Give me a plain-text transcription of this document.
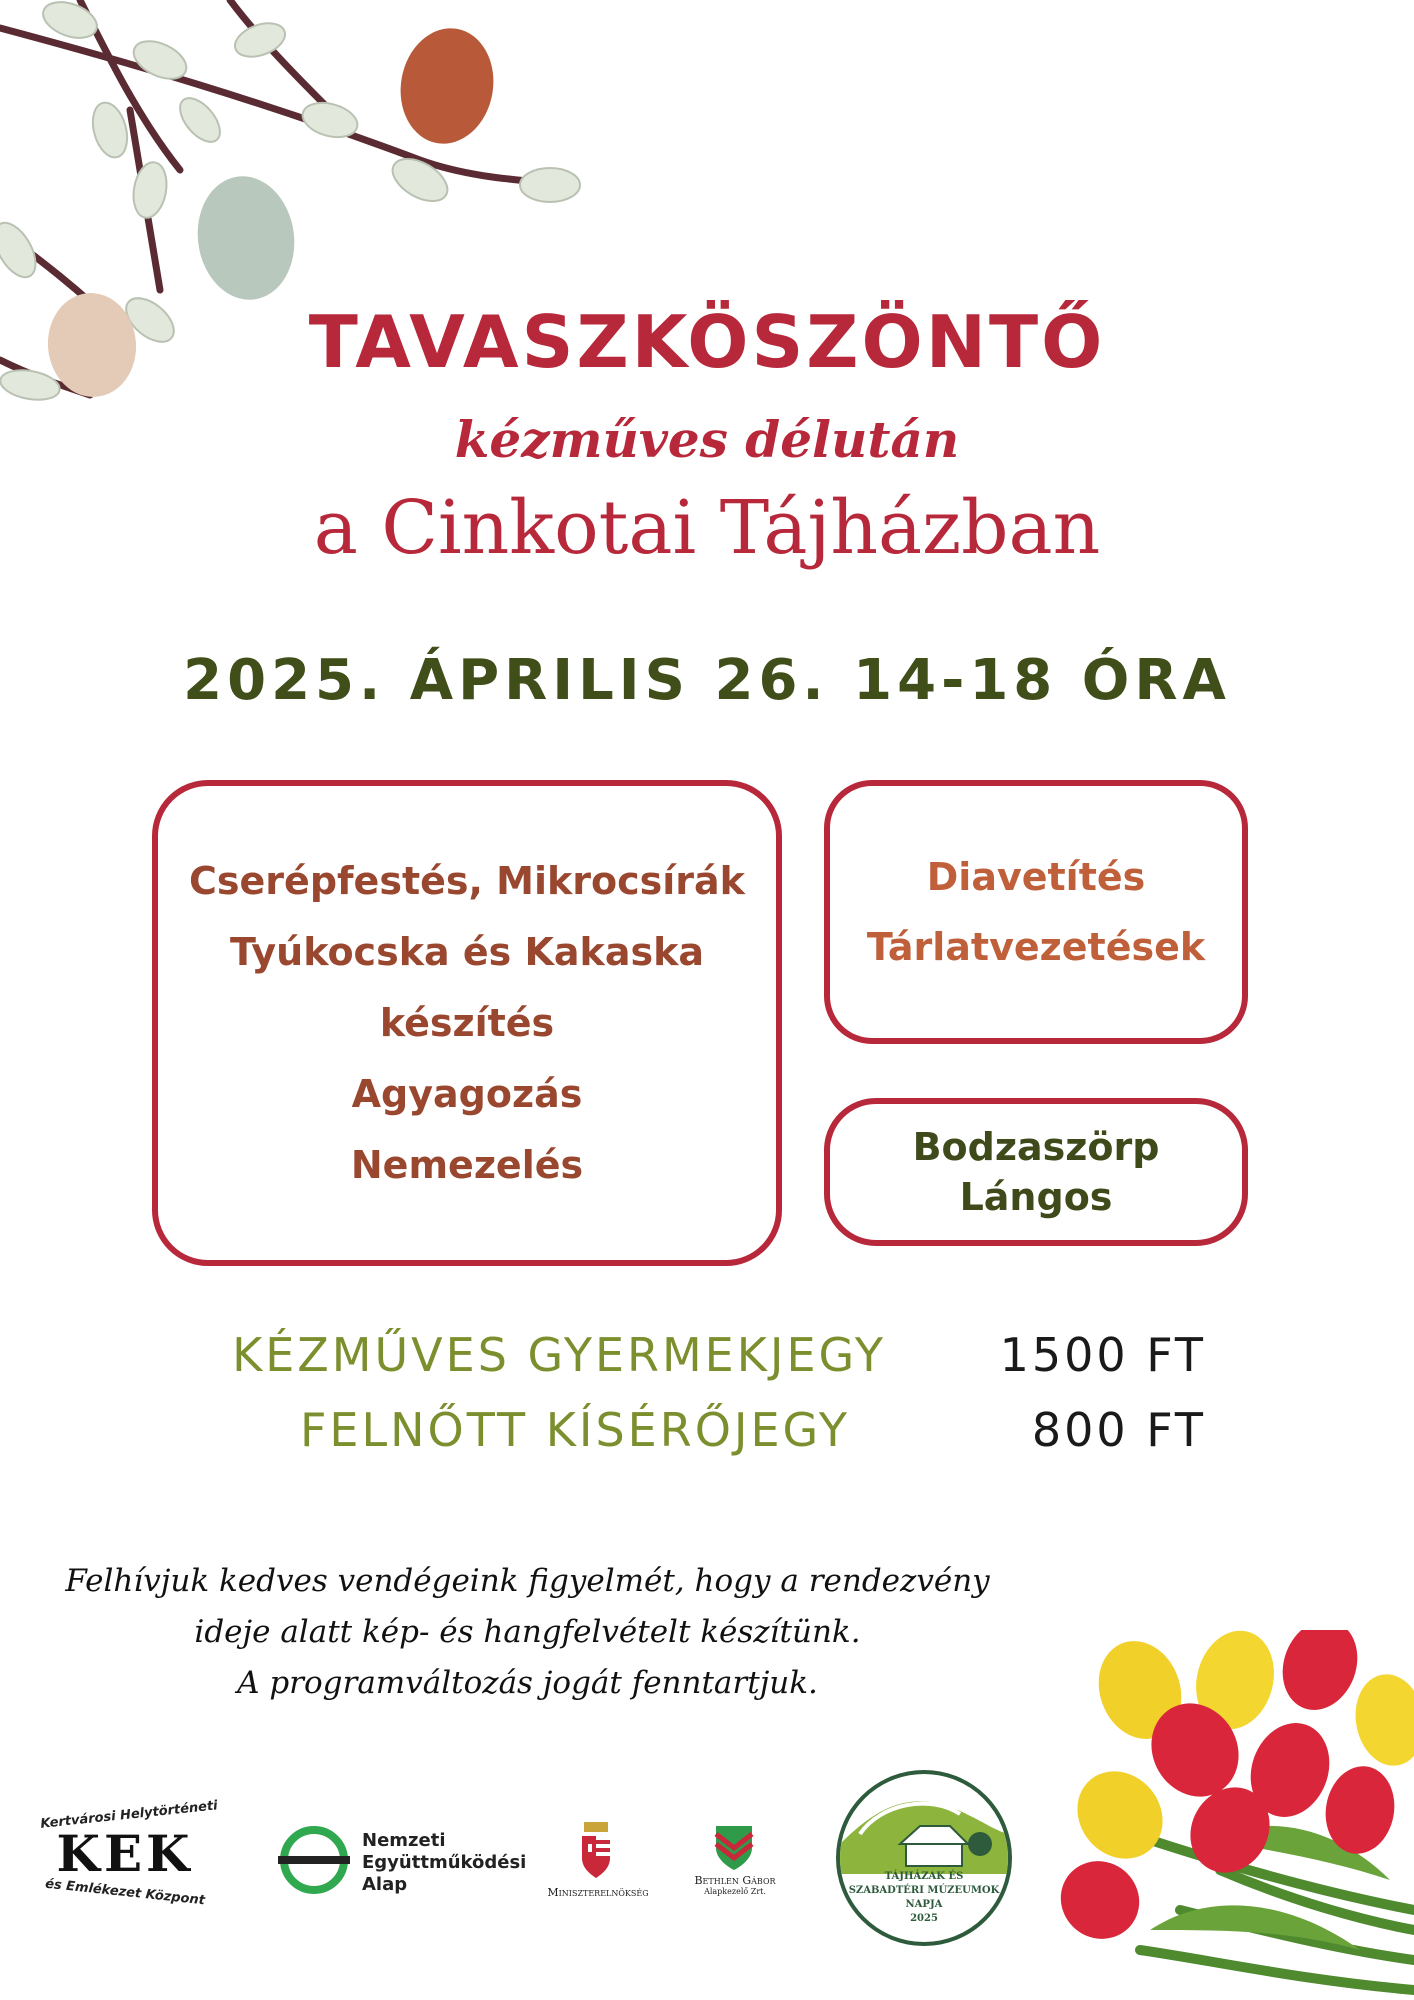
TAVASZKÖSZÖNTŐ
kézműves délután
a Cinkotai Tájházban
2025. ÁPRILIS 26. 14-18 ÓRA
Cserépfestés, Mikrocsírák
Tyúkocska és Kakaska
készítés
Agyagozás
Nemezelés
Diavetítés
Tárlatvezetések
Bodzaszörp
Lángos
KÉZMŰVES GYERMEKJEGY	1500 FT
FELNŐTT KÍSÉRŐJEGY	800 FT
Felhívjuk kedves vendégeink figyelmét, hogy a rendezvény
ideje alatt kép- és hangfelvételt készítünk.
A programváltozás jogát fenntartjuk.
Kertvárosi Helytörténeti
KEK
és Emlékezet Központ
Nemzeti
Együttműködési
Alap	Miniszterelnökség
Bethlen Gábor
Alapkezelő Zrt.
TÁJHÁZAK ÉS
SZABADTÉRI MÚZEUMOK
NAPJA
2025
